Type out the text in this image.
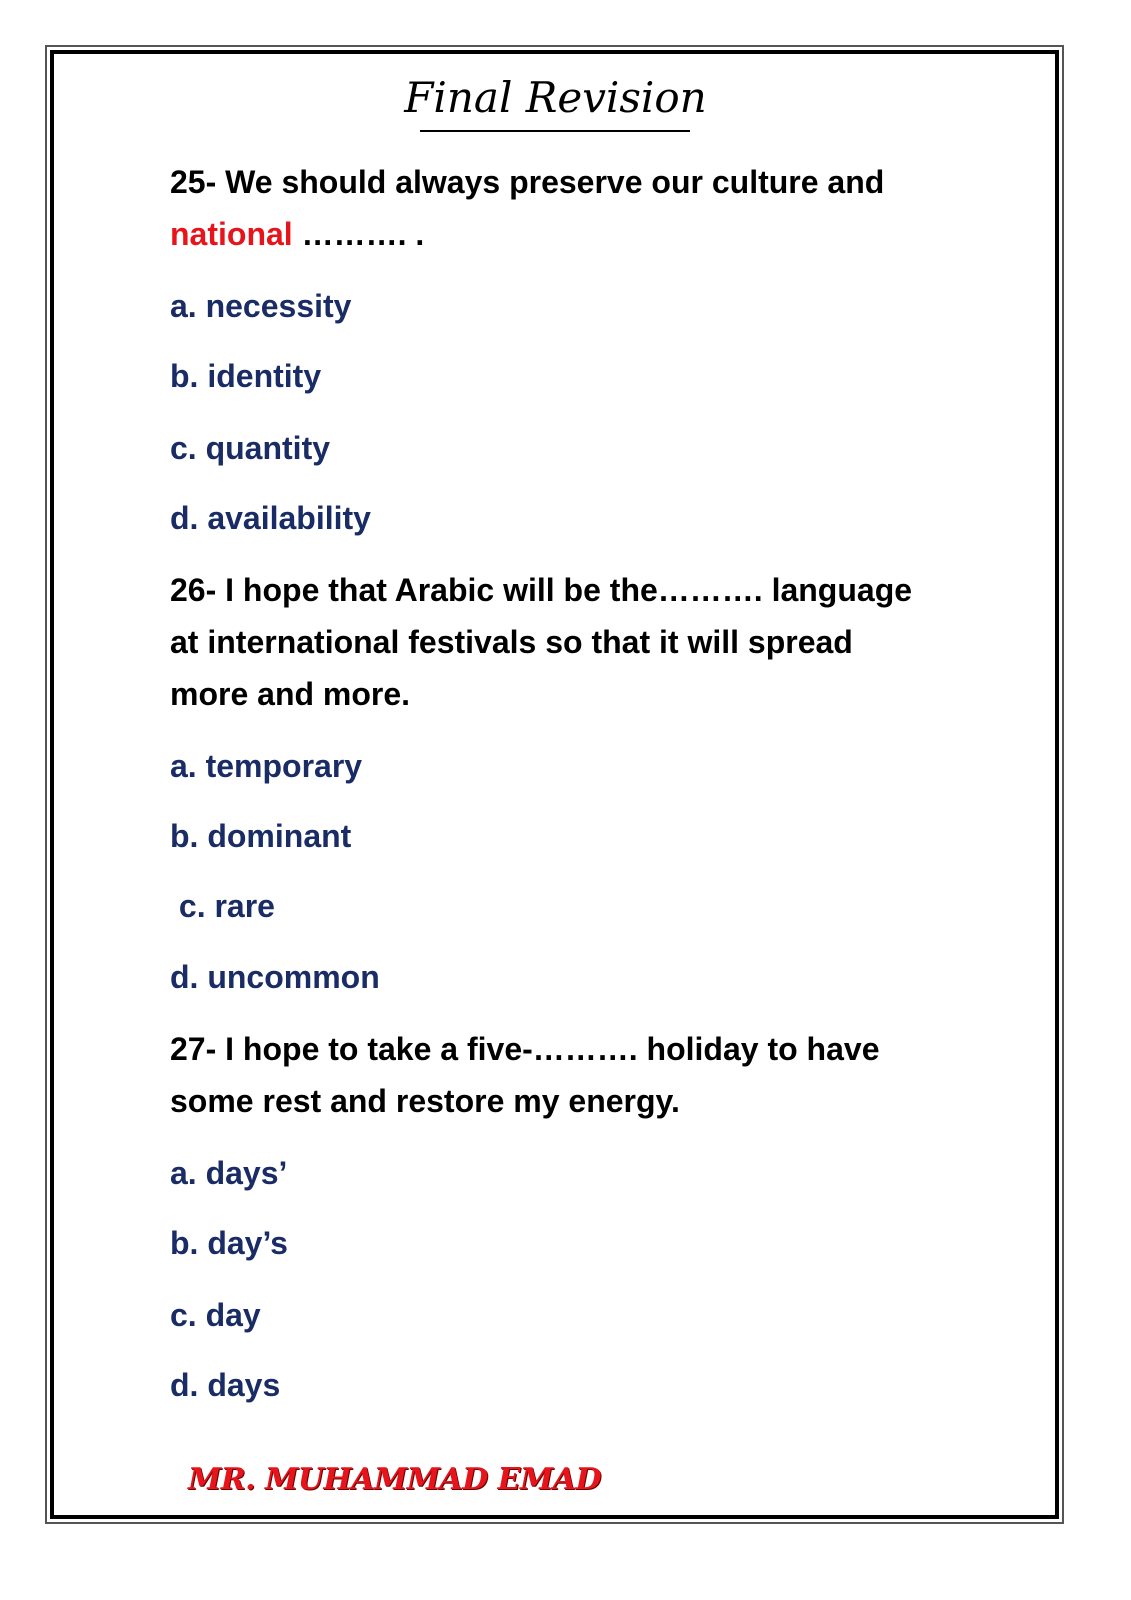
Final Revision
25- We should always preserve our culture and
national ………. .
a. necessity
b. identity
c. quantity
d. availability
26- I hope that Arabic will be the………. language
at international festivals so that it will spread
more and more.
a. temporary
b. dominant
c. rare
d. uncommon
27- I hope to take a five-………. holiday to have
some rest and restore my energy.
a. days’
b. day’s
c. day
d. days
MR. MUHAMMAD EMAD
